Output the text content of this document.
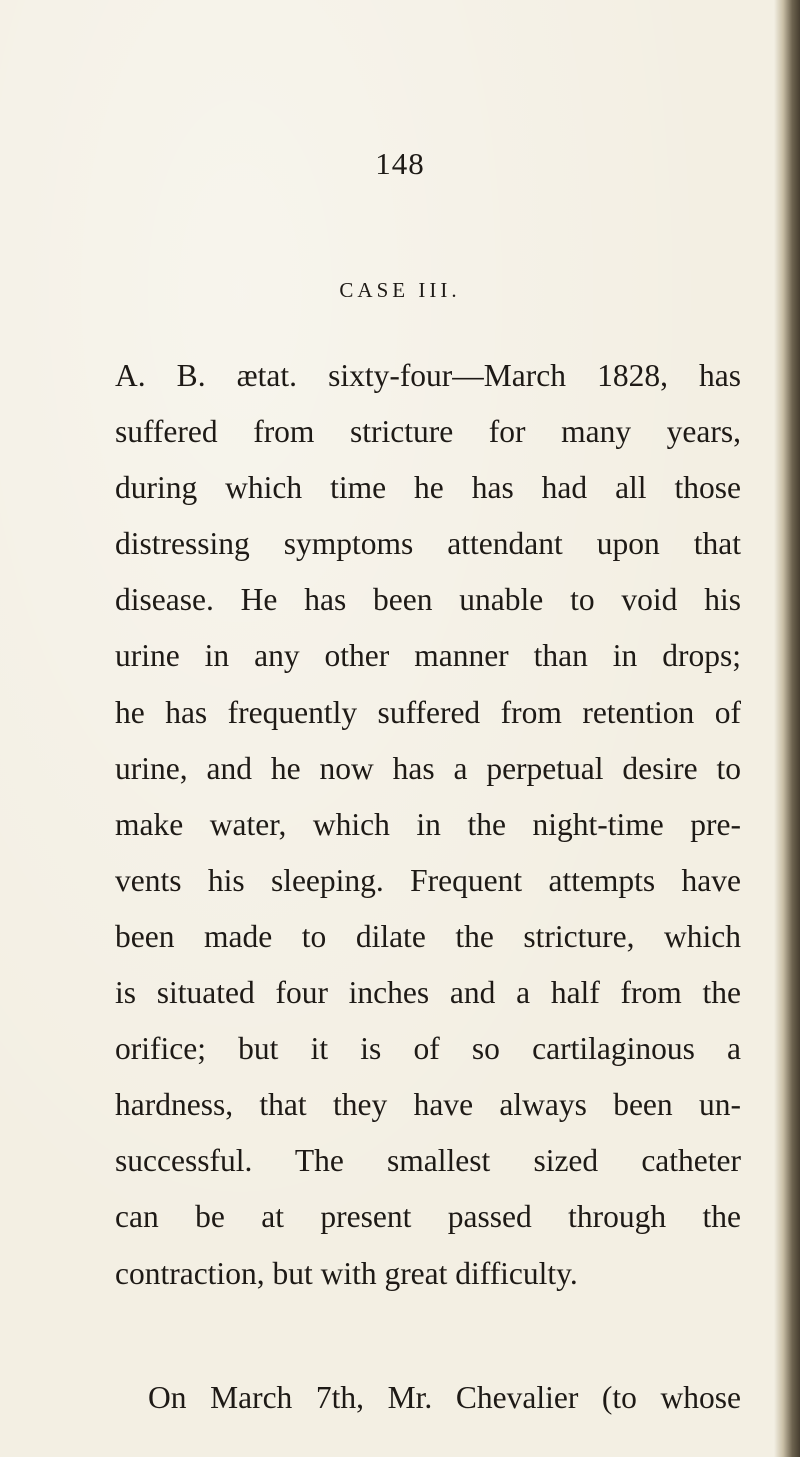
148
CASE III.
A. B. ætat. sixty-four—March 1828, has
suffered from stricture for many years,
during which time he has had all those
distressing symptoms attendant upon that
disease. He has been unable to void his
urine in any other manner than in drops;
he has frequently suffered from retention of
urine, and he now has a perpetual desire to
make water, which in the night-time pre-
vents his sleeping. Frequent attempts have
been made to dilate the stricture, which
is situated four inches and a half from the
orifice; but it is of so cartilaginous a
hardness, that they have always been un-
successful. The smallest sized catheter
can be at present passed through the
contraction, but with great difficulty.
On March 7th, Mr. Chevalier (to whose
